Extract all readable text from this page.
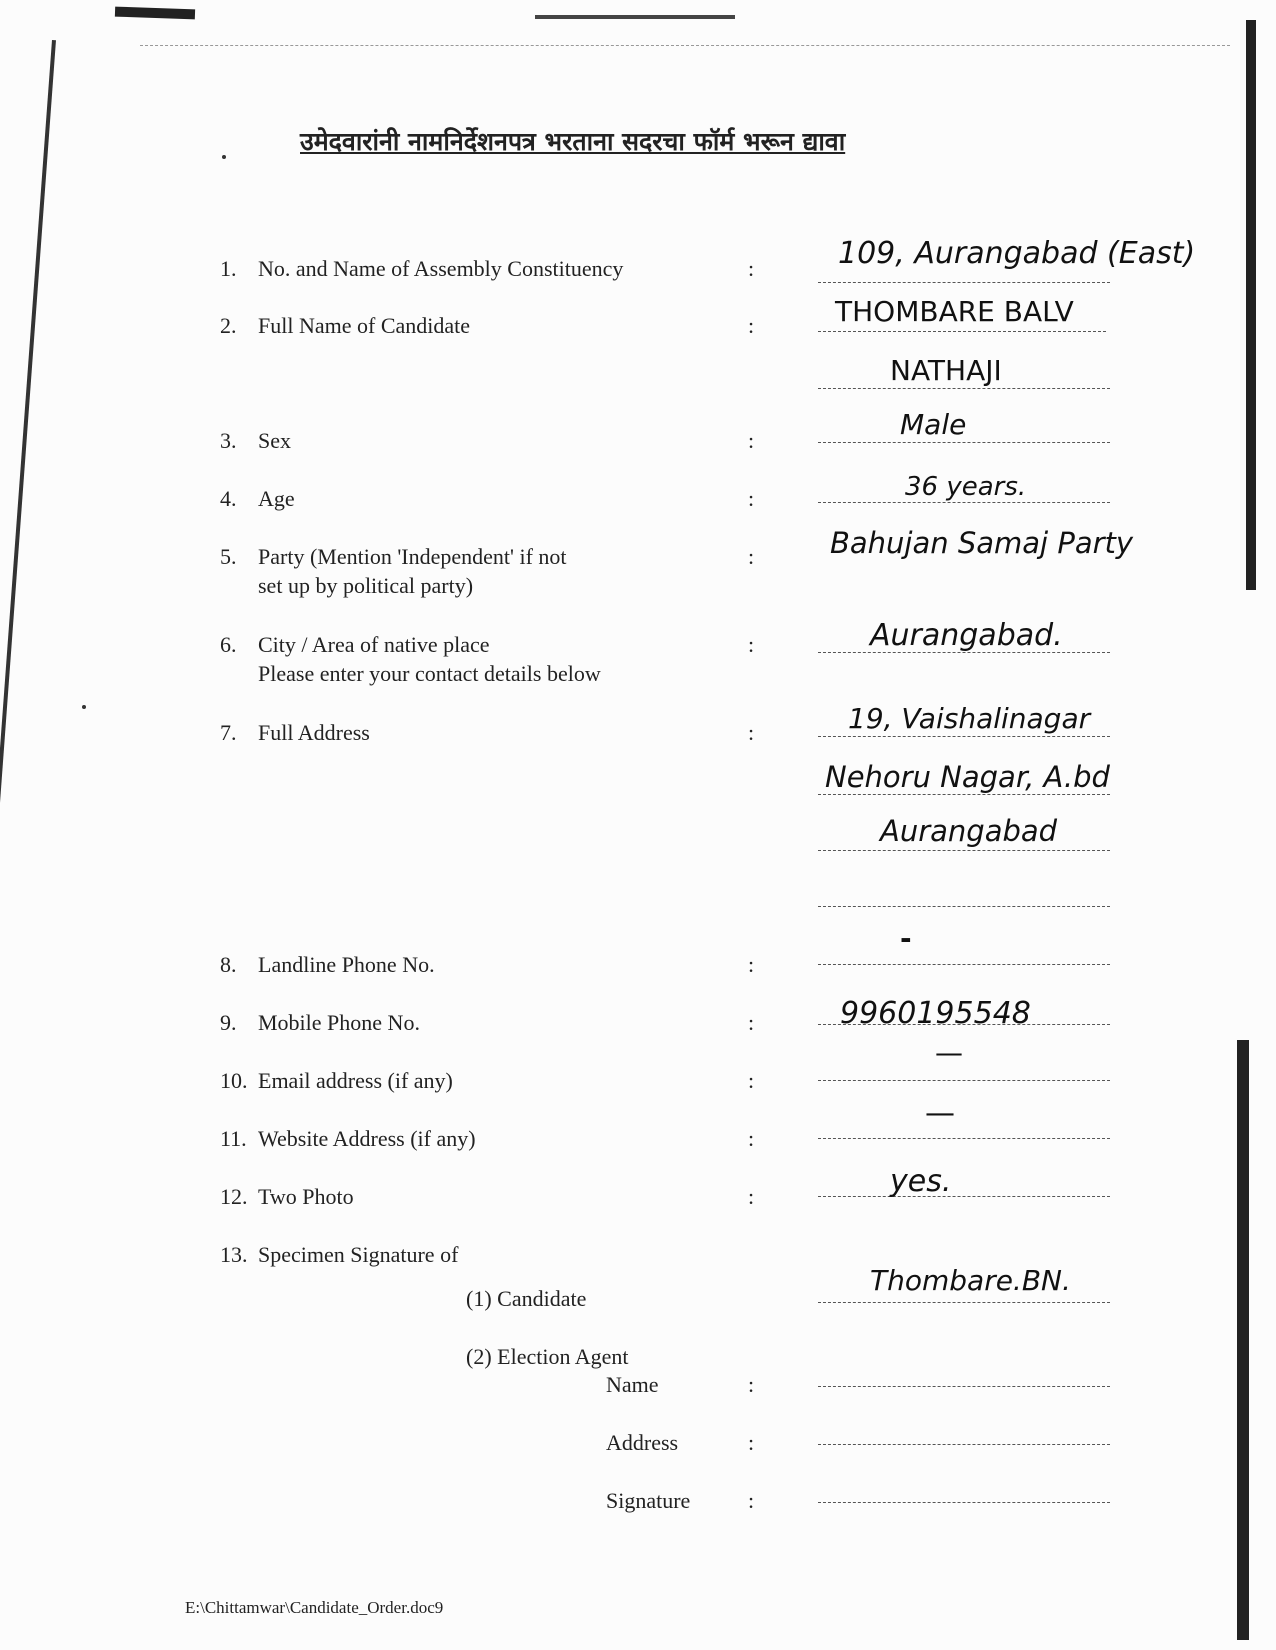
उमेदवारांनी नामनिर्देशनपत्र भरताना सदरचा फॉर्म भरून द्यावा
1. No. and Name of Assembly Constituency	:	109, Aurangabad (East)
2. Full Name of Candidate	:	THOMBARE BALV
NATHAJI
3. Sex	:	Male
4. Age	:	36 years.
5. Party (Mention 'Independent' if not
set up by political party)
:	Bahujan Samaj Party
6. City / Area of native place
Please enter your contact details below
:	Aurangabad.
7. Full Address	:	19, Vaishalinagar
Nehoru Nagar, A.bd
Aurangabad
8. Landline Phone No.	:
-
9. Mobile Phone No.	:	9960195548
10. Email address (if any)	:
—
11. Website Address (if any)	:
—
12. Two Photo	:	yes.
13. Specimen Signature of
(1) Candidate
Thombare.BN.
(2) Election Agent
Name	:
Address	:
Signature	:
E:\Chittamwar\Candidate_Order.doc9
